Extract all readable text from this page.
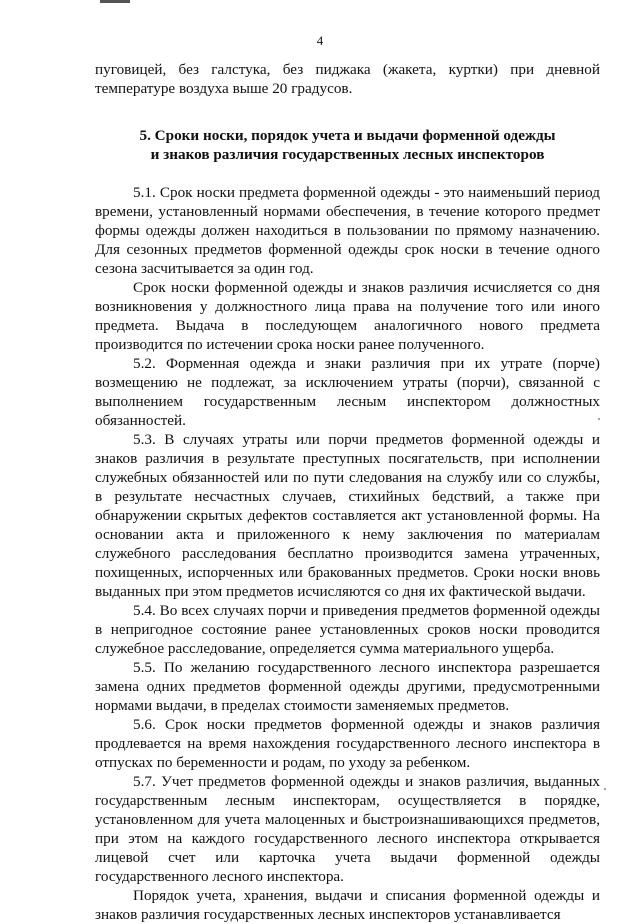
4

пуговицей, без галстука, без пиджака (жакета, куртки) при дневной температуре воздуха выше 20 градусов.

5. Сроки носки, порядок учета и выдачи форменной одежды
и знаков различия государственных лесных инспекторов

5.1. Срок носки предмета форменной одежды - это наименьший период времени, установленный нормами обеспечения, в течение которого предмет формы одежды должен находиться в пользовании по прямому назначению. Для сезонных предметов форменной одежды срок носки в течение одного сезона засчитывается за один год.

Срок носки форменной одежды и знаков различия исчисляется со дня возникновения у должностного лица права на получение того или иного предмета. Выдача в последующем аналогичного нового предмета производится по истечении срока носки ранее полученного.

5.2. Форменная одежда и знаки различия при их утрате (порче) возмещению не подлежат, за исключением утраты (порчи), связанной с выполнением государственным лесным инспектором должностных обязанностей.

5.3. В случаях утраты или порчи предметов форменной одежды и знаков различия в результате преступных посягательств, при исполнении служебных обязанностей или по пути следования на службу или со службы, в результате несчастных случаев, стихийных бедствий, а также при обнаружении скрытых дефектов составляется акт установленной формы. На основании акта и приложенного к нему заключения по материалам служебного расследования бесплатно производится замена утраченных, похищенных, испорченных или бракованных предметов. Сроки носки вновь выданных при этом предметов исчисляются со дня их фактической выдачи.

5.4. Во всех случаях порчи и приведения предметов форменной одежды в непригодное состояние ранее установленных сроков носки проводится служебное расследование, определяется сумма материального ущерба.

5.5. По желанию государственного лесного инспектора разрешается замена одних предметов форменной одежды другими, предусмотренными нормами выдачи, в пределах стоимости заменяемых предметов.

5.6. Срок носки предметов форменной одежды и знаков различия продлевается на время нахождения государственного лесного инспектора в отпусках по беременности и родам, по уходу за ребенком.

5.7. Учет предметов форменной одежды и знаков различия, выданных государственным лесным инспекторам, осуществляется в порядке, установленном для учета малоценных и быстроизнашивающихся предметов, при этом на каждого государственного лесного инспектора открывается лицевой счет или карточка учета выдачи форменной одежды государственного лесного инспектора.

Порядок учета, хранения, выдачи и списания форменной одежды и знаков различия государственных лесных инспекторов устанавливается
